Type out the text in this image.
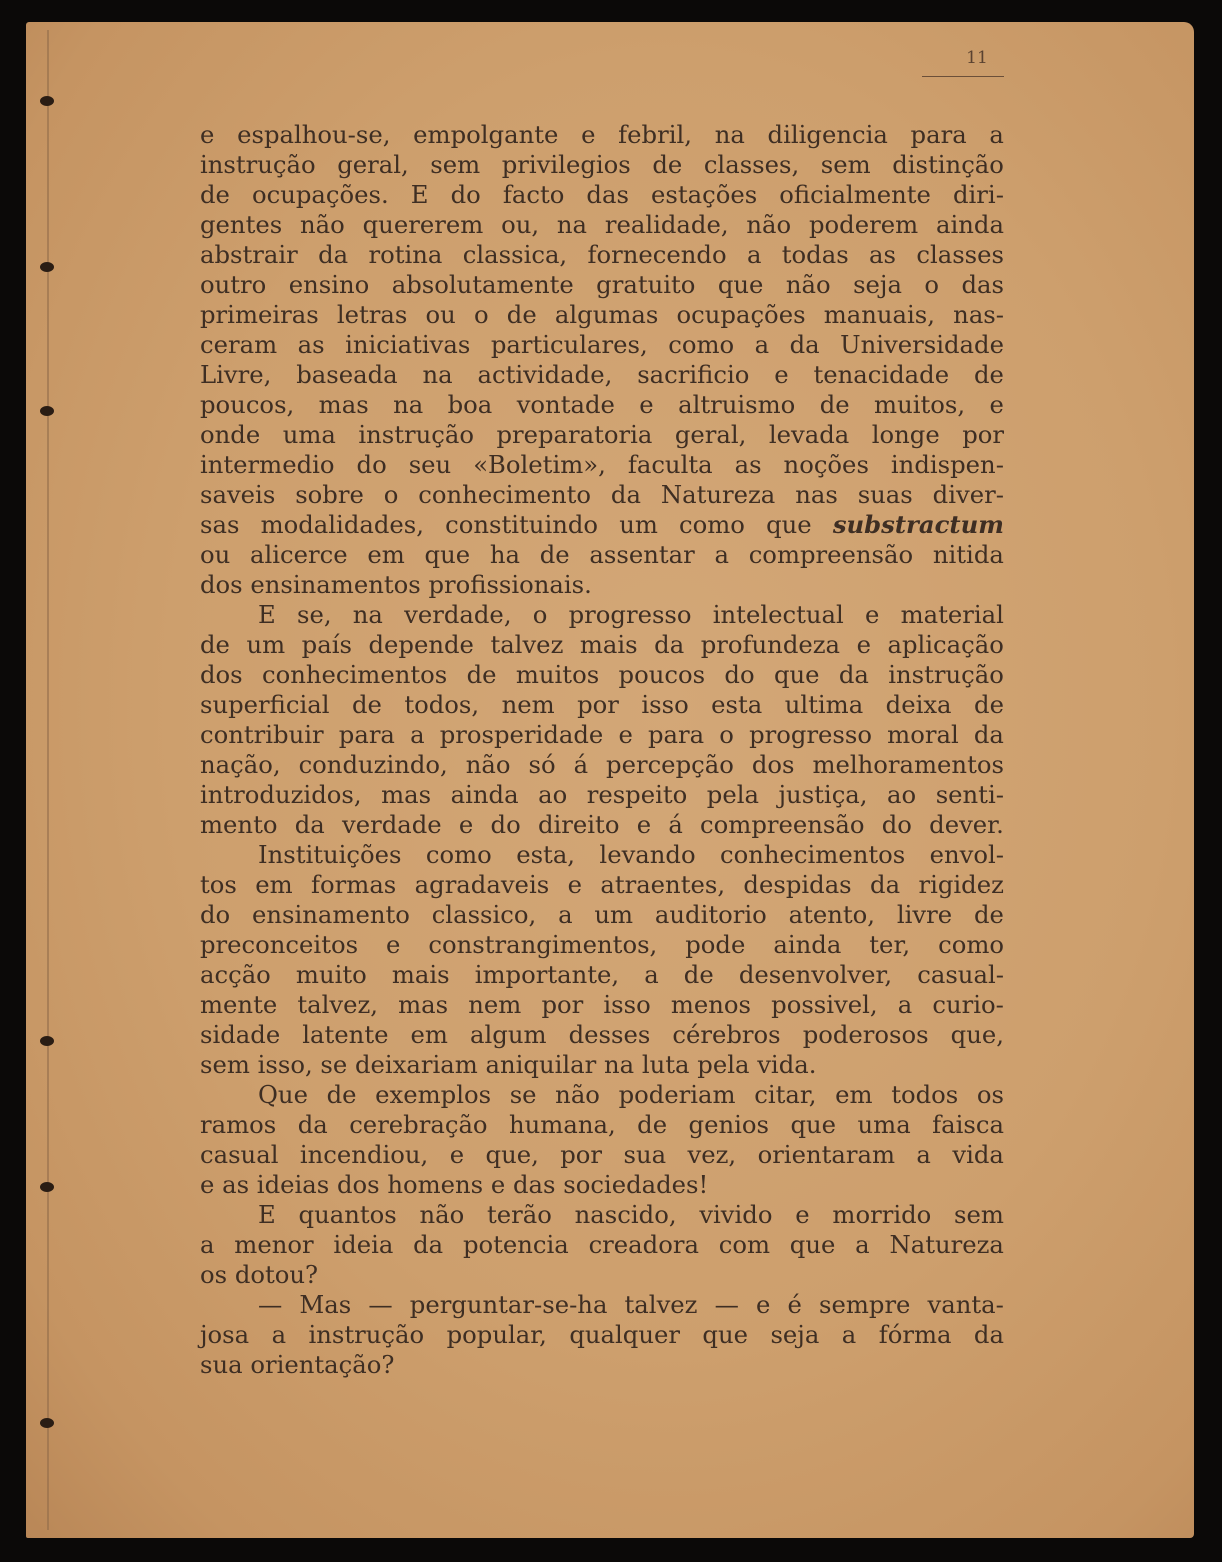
11
e espalhou-se, empolgante e febril, na diligencia para a
instrução geral, sem privilegios de classes, sem distinção
de ocupações. E do facto das estações oficialmente diri-
gentes não quererem ou, na realidade, não poderem ainda
abstrair da rotina classica, fornecendo a todas as classes
outro ensino absolutamente gratuito que não seja o das
primeiras letras ou o de algumas ocupações manuais, nas-
ceram as iniciativas particulares, como a da Universidade
Livre, baseada na actividade, sacrificio e tenacidade de
poucos, mas na boa vontade e altruismo de muitos, e
onde uma instrução preparatoria geral, levada longe por
intermedio do seu «Boletim», faculta as noções indispen-
saveis sobre o conhecimento da Natureza nas suas diver-
sas modalidades, constituindo um como que substractum
ou alicerce em que ha de assentar a compreensão nitida
dos ensinamentos profissionais.
E se, na verdade, o progresso intelectual e material
de um país depende talvez mais da profundeza e aplicação
dos conhecimentos de muitos poucos do que da instrução
superficial de todos, nem por isso esta ultima deixa de
contribuir para a prosperidade e para o progresso moral da
nação, conduzindo, não só á percepção dos melhoramentos
introduzidos, mas ainda ao respeito pela justiça, ao senti-
mento da verdade e do direito e á compreensão do dever.
Instituições como esta, levando conhecimentos envol-
tos em formas agradaveis e atraentes, despidas da rigidez
do ensinamento classico, a um auditorio atento, livre de
preconceitos e constrangimentos, pode ainda ter, como
acção muito mais importante, a de desenvolver, casual-
mente talvez, mas nem por isso menos possivel, a curio-
sidade latente em algum desses cérebros poderosos que,
sem isso, se deixariam aniquilar na luta pela vida.
Que de exemplos se não poderiam citar, em todos os
ramos da cerebração humana, de genios que uma faisca
casual incendiou, e que, por sua vez, orientaram a vida
e as ideias dos homens e das sociedades!
E quantos não terão nascido, vivido e morrido sem
a menor ideia da potencia creadora com que a Natureza
os dotou?
— Mas — perguntar-se-ha talvez — e é sempre vanta-
josa a instrução popular, qualquer que seja a fórma da
sua orientação?
